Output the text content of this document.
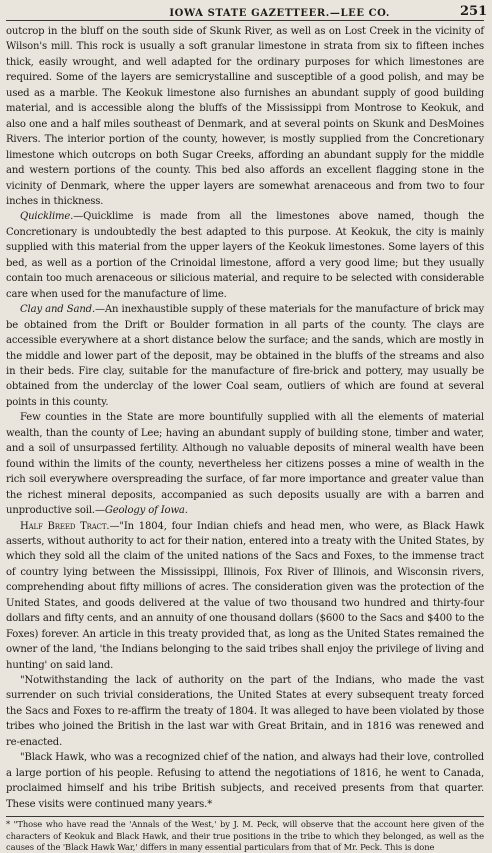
IOWA STATE GAZETTEER.—LEE CO.	251

outcrop in the bluff on the south side of Skunk River, as well as on Lost Creek in the vicinity of Wilson's mill. This rock is usually a soft granular limestone in strata from six to fifteen inches thick, easily wrought, and well adapted for the ordinary purposes for which limestones are required. Some of the layers are semicrystalline and susceptible of a good polish, and may be used as a marble. The Keokuk limestone also furnishes an abundant supply of good building material, and is accessible along the bluffs of the Mississippi from Montrose to Keokuk, and also one and a half miles southeast of Denmark, and at several points on Skunk and DesMoines Rivers. The interior portion of the county, however, is mostly supplied from the Concretionary limestone which outcrops on both Sugar Creeks, affording an abundant supply for the middle and western portions of the county. This bed also affords an excellent flagging stone in the vicinity of Denmark, where the upper layers are somewhat arenaceous and from two to four inches in thickness.

Quicklime.—Quicklime is made from all the limestones above named, though the Concretionary is undoubtedly the best adapted to this purpose. At Keokuk, the city is mainly supplied with this material from the upper layers of the Keokuk limestones. Some layers of this bed, as well as a portion of the Crinoidal limestone, afford a very good lime; but they usually contain too much arenaceous or silicious material, and require to be selected with considerable care when used for the manufacture of lime.

Clay and Sand.—An inexhaustible supply of these materials for the manufacture of brick may be obtained from the Drift or Boulder formation in all parts of the county. The clays are accessible everywhere at a short distance below the surface; and the sands, which are mostly in the middle and lower part of the deposit, may be obtained in the bluffs of the streams and also in their beds. Fire clay, suitable for the manufacture of fire-brick and pottery, may usually be obtained from the underclay of the lower Coal seam, outliers of which are found at several points in this county.

Few counties in the State are more bountifully supplied with all the elements of material wealth, than the county of Lee; having an abundant supply of building stone, timber and water, and a soil of unsurpassed fertility. Although no valuable deposits of mineral wealth have been found within the limits of the county, nevertheless her citizens posses a mine of wealth in the rich soil everywhere overspreading the surface, of far more importance and greater value than the richest mineral deposits, accompanied as such deposits usually are with a barren and unproductive soil.—Geology of Iowa.

Half Breed Tract.—"In 1804, four Indian chiefs and head men, who were, as Black Hawk asserts, without authority to act for their nation, entered into a treaty with the United States, by which they sold all the claim of the united nations of the Sacs and Foxes, to the immense tract of country lying between the Mississippi, Illinois, Fox River of Illinois, and Wisconsin rivers, comprehending about fifty millions of acres. The consideration given was the protection of the United States, and goods delivered at the value of two thousand two hundred and thirty-four dollars and fifty cents, and an annuity of one thousand dollars ($600 to the Sacs and $400 to the Foxes) forever. An article in this treaty provided that, as long as the United States remained the owner of the land, 'the Indians belonging to the said tribes shall enjoy the privilege of living and hunting' on said land.

"Notwithstanding the lack of authority on the part of the Indians, who made the vast surrender on such trivial considerations, the United States at every subsequent treaty forced the Sacs and Foxes to re-affirm the treaty of 1804. It was alleged to have been violated by those tribes who joined the British in the last war with Great Britain, and in 1816 was renewed and re-enacted.

"Black Hawk, who was a recognized chief of the nation, and always had their love, controlled a large portion of his people. Refusing to attend the negotiations of 1816, he went to Canada, proclaimed himself and his tribe British subjects, and received presents from that quarter. These visits were continued many years.*

* "Those who have read the 'Annals of the West,' by J. M. Peck, will observe that the account here given of the characters of Keokuk and Black Hawk, and their true positions in the tribe to which they belonged, as well as the causes of the 'Black Hawk War,' differs in many essential particulars from that of Mr. Peck. This is done
